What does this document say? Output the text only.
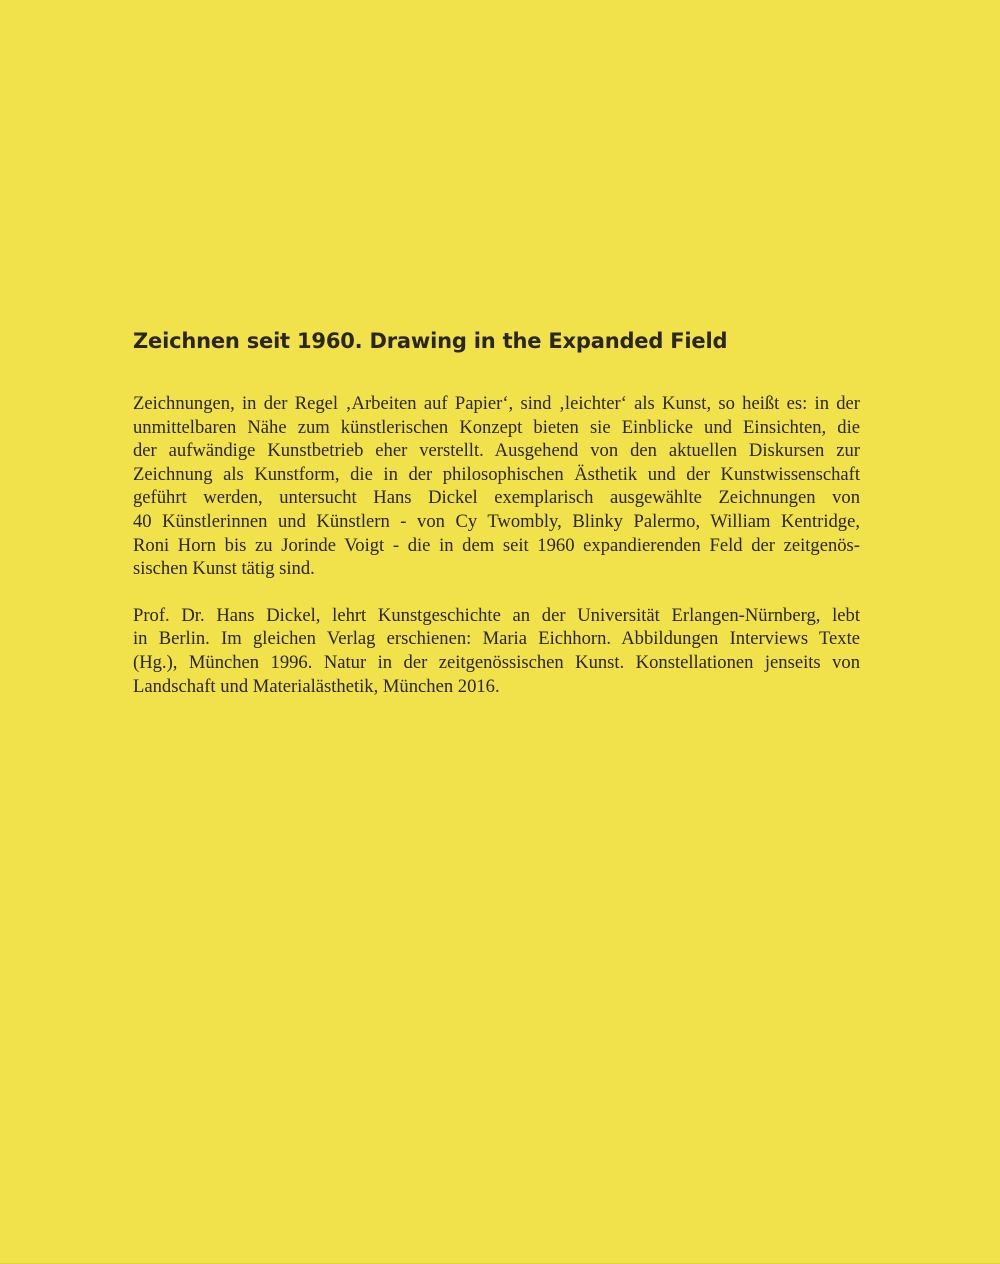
Zeichnen seit 1960. Drawing in the Expanded Field
Zeichnungen, in der Regel ‚Arbeiten auf Papier‘, sind ‚leichter‘ als Kunst, so heißt es: in der
unmittelbaren Nähe zum künstlerischen Konzept bieten sie Einblicke und Einsichten, die
der aufwändige Kunstbetrieb eher verstellt. Ausgehend von den aktuellen Diskursen zur
Zeichnung als Kunstform, die in der philosophischen Ästhetik und der Kunstwissenschaft
geführt werden, untersucht Hans Dickel exemplarisch ausgewählte Zeichnungen von
40 Künstlerinnen und Künstlern - von Cy Twombly, Blinky Palermo, William Kentridge,
Roni Horn bis zu Jorinde Voigt - die in dem seit 1960 expandierenden Feld der zeitgenös-
sischen Kunst tätig sind.
Prof. Dr. Hans Dickel, lehrt Kunstgeschichte an der Universität Erlangen-Nürnberg, lebt
in Berlin. Im gleichen Verlag erschienen: Maria Eichhorn. Abbildungen Interviews Texte
(Hg.), München 1996. Natur in der zeitgenössischen Kunst. Konstellationen jenseits von
Landschaft und Materialästhetik, München 2016.
